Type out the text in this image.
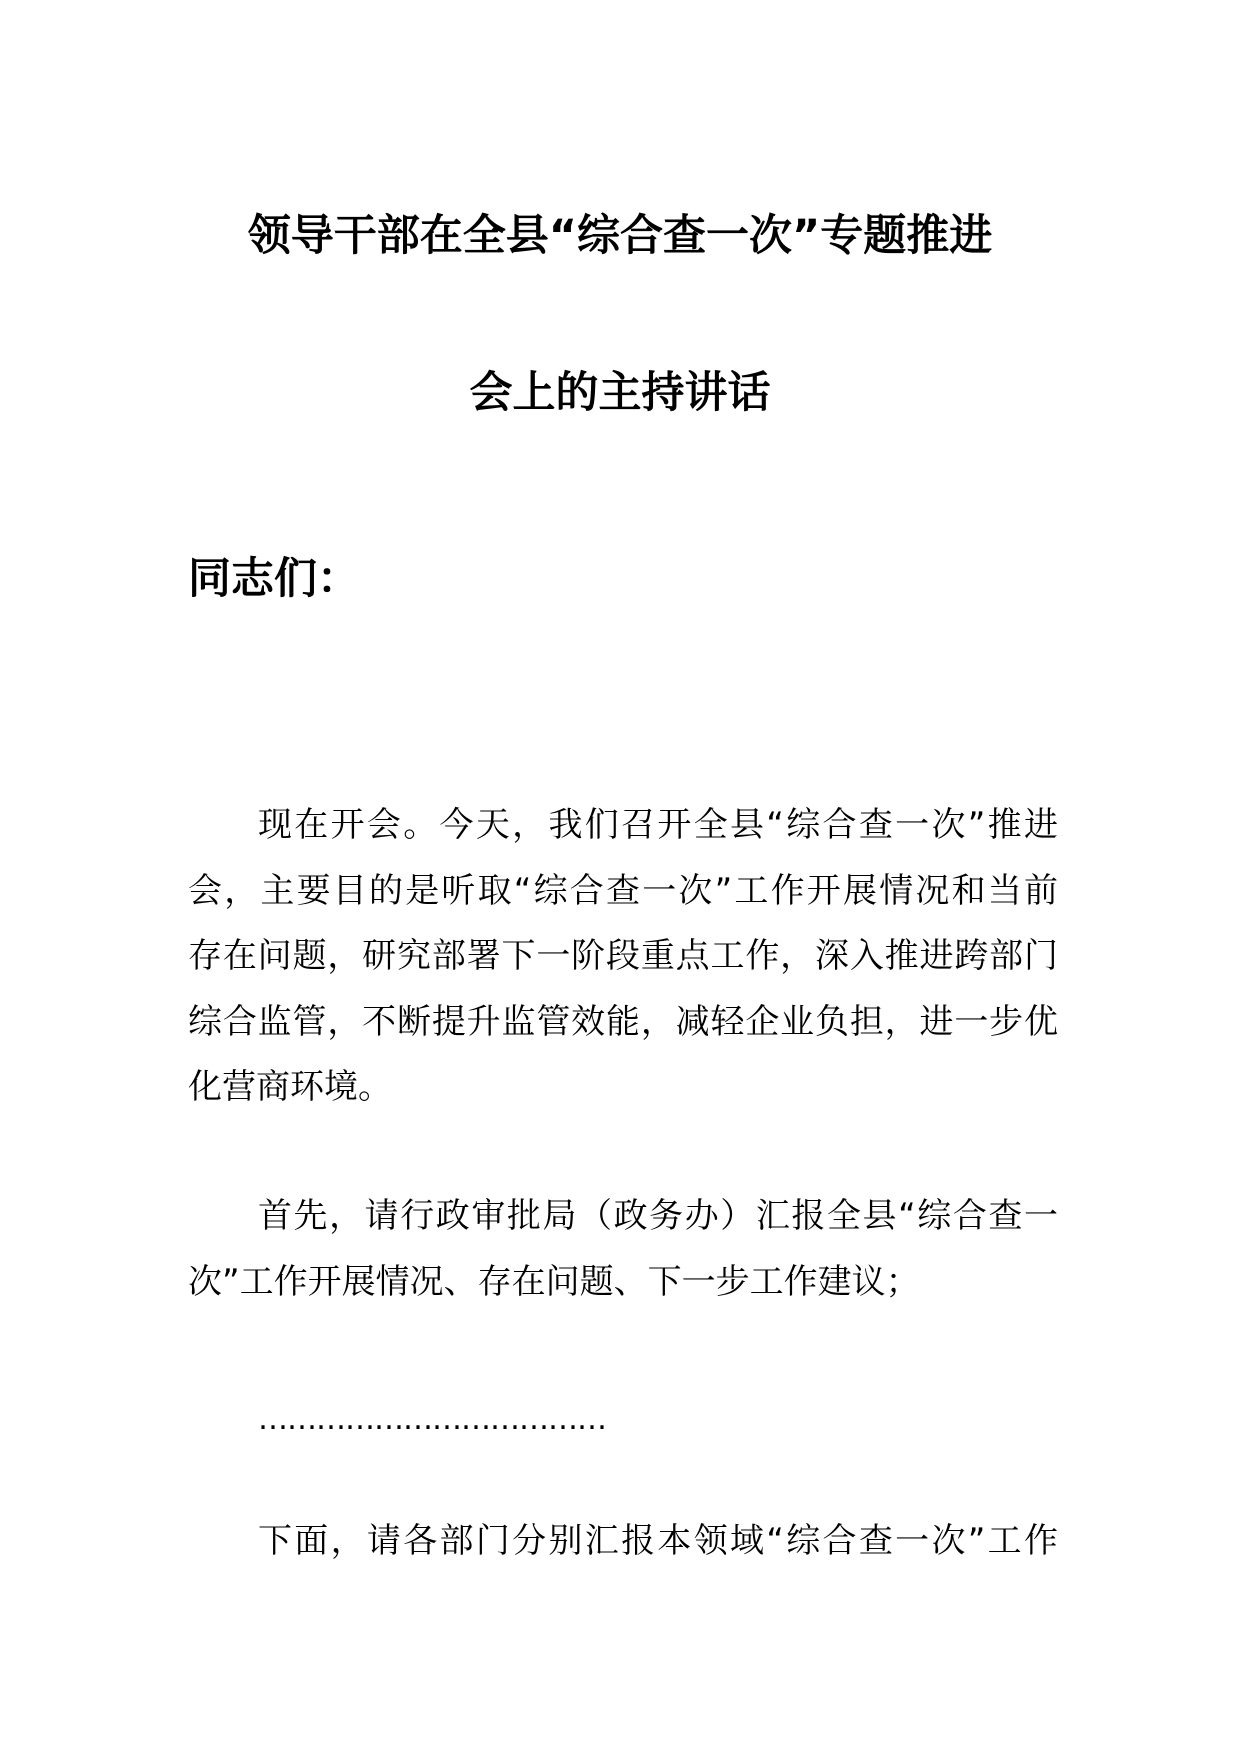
领导干部在全县“综合查一次”专题推进
会上的主持讲话
同志们：
现在开会。今天，我们召开全县“综合查一次”推进
会，主要目的是听取“综合查一次”工作开展情况和当前
存在问题，研究部署下一阶段重点工作，深入推进跨部门
综合监管，不断提升监管效能，减轻企业负担，进一步优
化营商环境。
首先，请行政审批局（政务办）汇报全县“综合查一
次”工作开展情况、存在问题、下一步工作建议；
………………………………
下面，请各部门分别汇报本领域“综合查一次”工作
